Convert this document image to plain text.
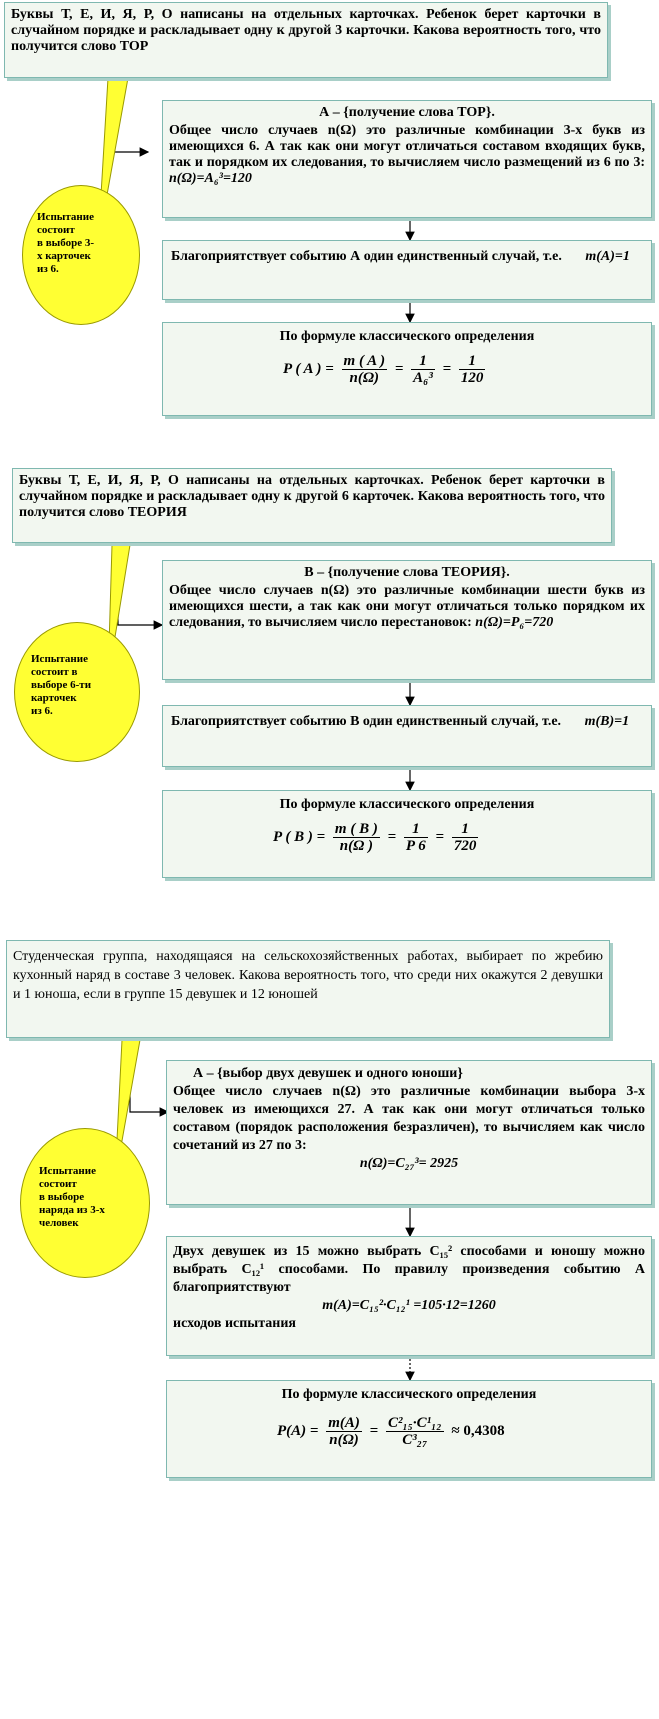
Буквы Т, Е, И, Я, Р, О написаны на отдельных карточках. Ребенок берет карточки в случайном порядке и раскладывает одну к другой 3 карточки. Какова вероятность того, что получится слово ТОР
Испытание
состоит
в выборе 3-
х карточек
из 6.
А – {получение слова ТОР}.
Общее число случаев n(Ω) это различные комбинации 3-х букв из имеющихся 6. А так как они могут отличаться составом входящих букв, так и порядком их следования, то вычисляем число размещений из 6 по 3: n(Ω)=A₆³=120
Благоприятствует событию А один единственный случай, т.е. m(A)=1
По формуле классического определения
P ( A ) = $\frac{m ( A )}{n(\Omega)} = \frac{1}{\text{A₆³}} = \frac{1}{120}$
Буквы Т, Е, И, Я, Р, О написаны на отдельных карточках. Ребенок берет карточки в случайном порядке и раскладывает одну к другой 6 карточек. Какова вероятность того, что получится слово ТЕОРИЯ
Испытание
состоит в
выборе 6-ти
карточек
из 6.
В – {получение слова ТЕОРИЯ}.
Общее число случаев n(Ω) это различные комбинации шести букв из имеющихся шести, а так как они могут отличаться только порядком их следования, то вычисляем число перестановок: n(Ω)=P₆=720
Благоприятствует событию В один единственный случай, т.е. m(B)=1
По формуле классического определения
P ( B ) = $\frac{m ( B )}{n(\Omega )} = \frac{1}{P 6} = \frac{1}{720}$
Студенческая группа, находящаяся на сельскохозяйственных работах, выбирает по жребию кухонный наряд в составе 3 человек. Какова вероятность того, что среди них окажутся 2 девушки и 1 юноша, если в группе 15 девушек и 12 юношей
Испытание
состоит
в выборе
наряда из 3-х
человек
А – {выбор двух девушек и одного юноши}
Общее число случаев n(Ω) это различные комбинации выбора 3-х человек из имеющихся 27. А так как они могут отличаться только составом (порядок расположения безразличен), то вычисляем как число сочетаний из 27 по 3:
n(Ω)=C₂₇³= 2925
Двух девушек из 15 можно выбрать C₁₅² способами и юношу можно выбрать C₁₂¹ способами. По правилу произведения событию А благоприятствуют
m(A)=C₁₅²·C₁₂¹ =105·12=1260
исходов испытания
По формуле классического определения
$P(A) = \frac{m(A)}{n(\Omega)} = \frac{\text{C²₁₅·C¹₁₂}}{\text{C³₂₇}} \approx 0,4308$
